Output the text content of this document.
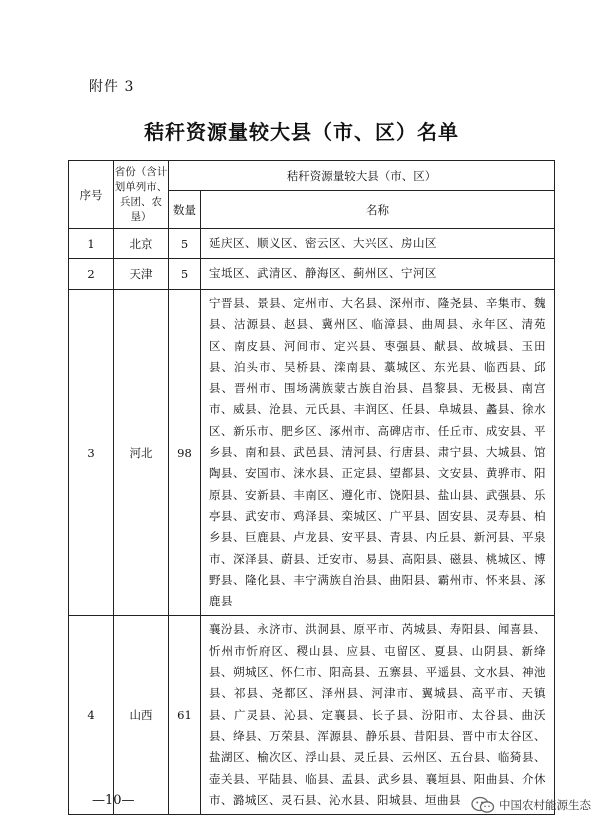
附件 3
秸秆资源量较大县（市、区）名单
序号	省份（含计划单列市、兵团、农垦）	秸秆资源量较大县（市、区）	
		数量	名称
1	北京	5	延庆区、顺义区、密云区、大兴区、房山区
2	天津	5	宝坻区、武清区、静海区、蓟州区、宁河区
3	河北	98	宁晋县、景县、定州市、大名县、深州市、隆尧县、辛集市、魏县、沽源县、赵县、冀州区、临漳县、曲周县、永年区、清苑区、南皮县、河间市、定兴县、枣强县、献县、故城县、玉田县、泊头市、吴桥县、滦南县、藁城区、东光县、临西县、邱县、晋州市、围场满族蒙古族自治县、昌黎县、无极县、南宫市、威县、沧县、元氏县、丰润区、任县、阜城县、蠡县、徐水区、新乐市、肥乡区、涿州市、高碑店市、任丘市、成安县、平乡县、南和县、武邑县、清河县、行唐县、肃宁县、大城县、馆陶县、安国市、涞水县、正定县、望都县、文安县、黄骅市、阳原县、安新县、丰南区、遵化市、饶阳县、盐山县、武强县、乐亭县、武安市、鸡泽县、栾城区、广平县、固安县、灵寿县、柏乡县、巨鹿县、卢龙县、安平县、青县、内丘县、新河县、平泉市、深泽县、蔚县、迁安市、易县、高阳县、磁县、桃城区、博野县、隆化县、丰宁满族自治县、曲阳县、霸州市、怀来县、涿鹿县
4	山西	61	襄汾县、永济市、洪洞县、原平市、芮城县、寿阳县、闻喜县、忻州市忻府区、稷山县、应县、屯留区、夏县、山阴县、新绛县、朔城区、怀仁市、阳高县、五寨县、平遥县、文水县、神池县、祁县、尧都区、泽州县、河津市、翼城县、高平市、天镇县、广灵县、沁县、定襄县、长子县、汾阳市、太谷县、曲沃县、绛县、万荣县、浑源县、静乐县、昔阳县、晋中市太谷区、盐湖区、榆次区、浮山县、灵丘县、云州区、五台县、临猗县、壶关县、平陆县、临县、盂县、武乡县、襄垣县、阳曲县、介休市、潞城区、灵石县、沁水县、阳城县、垣曲县
—10—	中国农村能源生态
